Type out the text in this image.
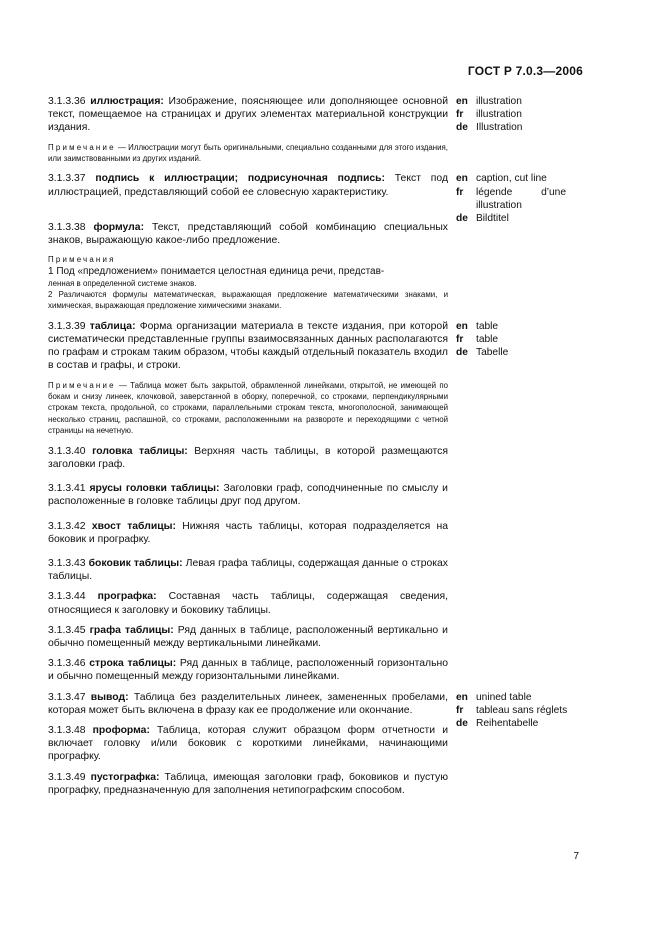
ГОСТ Р 7.0.3—2006
3.1.3.36 иллюстрация: Изображение, поясняющее или дополняющее основной текст, помещаемое на страницах и других элементах материальной конструкции издания.
en illustration
fr	illustration
de Illustration
Примечание — Иллюстрации могут быть оригинальными, специально созданными для этого издания, или заимствованными из других изданий.
3.1.3.37 подпись к иллюстрации; подрисуночная подпись: Текст под иллюстрацией, представляющий собой ее словесную характеристику.
en caption, cut line
fr	légende d’une illustration
de Bildtitel
3.1.3.38 формула: Текст, представляющий собой комбинацию специальных знаков, выражающую какое-либо предложение.
Примечания
1 Под «предложением» понимается целостная единица речи, представ-
ленная в определенной системе знаков.
2 Различаются формулы математическая, выражающая предложение математическими знаками, и химическая, выражающая предложение химическими знаками.
3.1.3.39 таблица: Форма организации материала в тексте издания, при которой систематически представленные группы взаимосвязанных данных располагаются по графам и строкам таким образом, чтобы каждый отдельный показатель входил в состав и графы, и строки.
en table
fr	table
de Tabelle
Примечание — Таблица может быть закрытой, обрамленной линейками, открытой, не имеющей по бокам и снизу линеек, клочковой, заверстанной в оборку, поперечной, со строками, перпендикулярными строкам текста, продольной, со строками, параллельными строкам текста, многополосной, занимающей несколько страниц, распашной, со строками, расположенными на развороте и переходящими с четной страницы на нечетную.
3.1.3.40 головка таблицы: Верхняя часть таблицы, в которой размещаются заголовки граф.
3.1.3.41 ярусы головки таблицы: Заголовки граф, соподчиненные по смыслу и расположенные в головке таблицы друг под другом.
3.1.3.42 хвост таблицы: Нижняя часть таблицы, которая подразделяется на боковик и прографку.
3.1.3.43 боковик таблицы: Левая графа таблицы, содержащая данные о строках таблицы.
3.1.3.44 прографка: Составная часть таблицы, содержащая сведения, относящиеся к заголовку и боковику таблицы.
3.1.3.45 графа таблицы: Ряд данных в таблице, расположенный вертикально и обычно помещенный между вертикальными линейками.
3.1.3.46 строка таблицы: Ряд данных в таблице, расположенный горизонтально и обычно помещенный между горизонтальными линейками.
3.1.3.47 вывод: Таблица без разделительных линеек, замененных пробелами, которая может быть включена в фразу как ее продолжение или окончание.
en unined table
fr	tableau sans réglets
de Reihentabelle
3.1.3.48 проформа: Таблица, которая служит образцом форм отчетности и включает головку и/или боковик с короткими линейками, начинающими прографку.
3.1.3.49 пустографка: Таблица, имеющая заголовки граф, боковиков и пустую прографку, предназначенную для заполнения нетипографским способом.
7
